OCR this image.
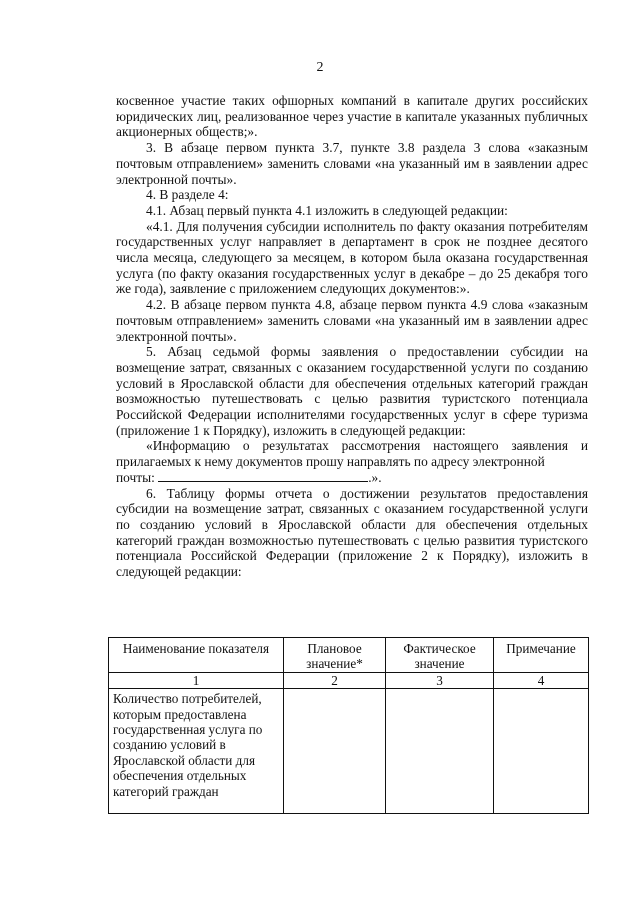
2

косвенное участие таких офшорных компаний в капитале других российских юридических лиц, реализованное через участие в капитале указанных публичных акционерных обществ;».

3. В абзаце первом пункта 3.7, пункте 3.8 раздела 3 слова «заказным почтовым отправлением» заменить словами «на указанный им в заявлении адрес электронной почты».

4. В разделе 4:

4.1. Абзац первый пункта 4.1 изложить в следующей редакции:

«4.1. Для получения субсидии исполнитель по факту оказания потребителям государственных услуг направляет в департамент в срок не позднее десятого числа месяца, следующего за месяцем, в котором была оказана государственная услуга (по факту оказания государственных услуг в декабре – до 25 декабря того же года), заявление с приложением следующих документов:».

4.2. В абзаце первом пункта 4.8, абзаце первом пункта 4.9 слова «заказным почтовым отправлением» заменить словами «на указанный им в заявлении адрес электронной почты».

5. Абзац седьмой формы заявления о предоставлении субсидии на возмещение затрат, связанных с оказанием государственной услуги по созданию условий в Ярославской области для обеспечения отдельных категорий граждан возможностью путешествовать с целью развития туристского потенциала Российской Федерации исполнителями государственных услуг в сфере туризма (приложение 1 к Порядку), изложить в следующей редакции:

«Информацию о результатах рассмотрения настоящего заявления и прилагаемых к нему документов прошу направлять по адресу электронной

почты:	.».

6. Таблицу формы отчета о достижении результатов предоставления субсидии на возмещение затрат, связанных с оказанием государственной услуги по созданию условий в Ярославской области для обеспечения отдельных категорий граждан возможностью путешествовать с целью развития туристского потенциала Российской Федерации (приложение 2 к Порядку), изложить в следующей редакции:

Наименование показателя	Плановое значение*	Фактическое значение	Примечание
1	2	3	4
Количество потребителей, которым предоставлена государственная услуга по созданию условий в Ярославской области для обеспечения отдельных категорий граждан			
